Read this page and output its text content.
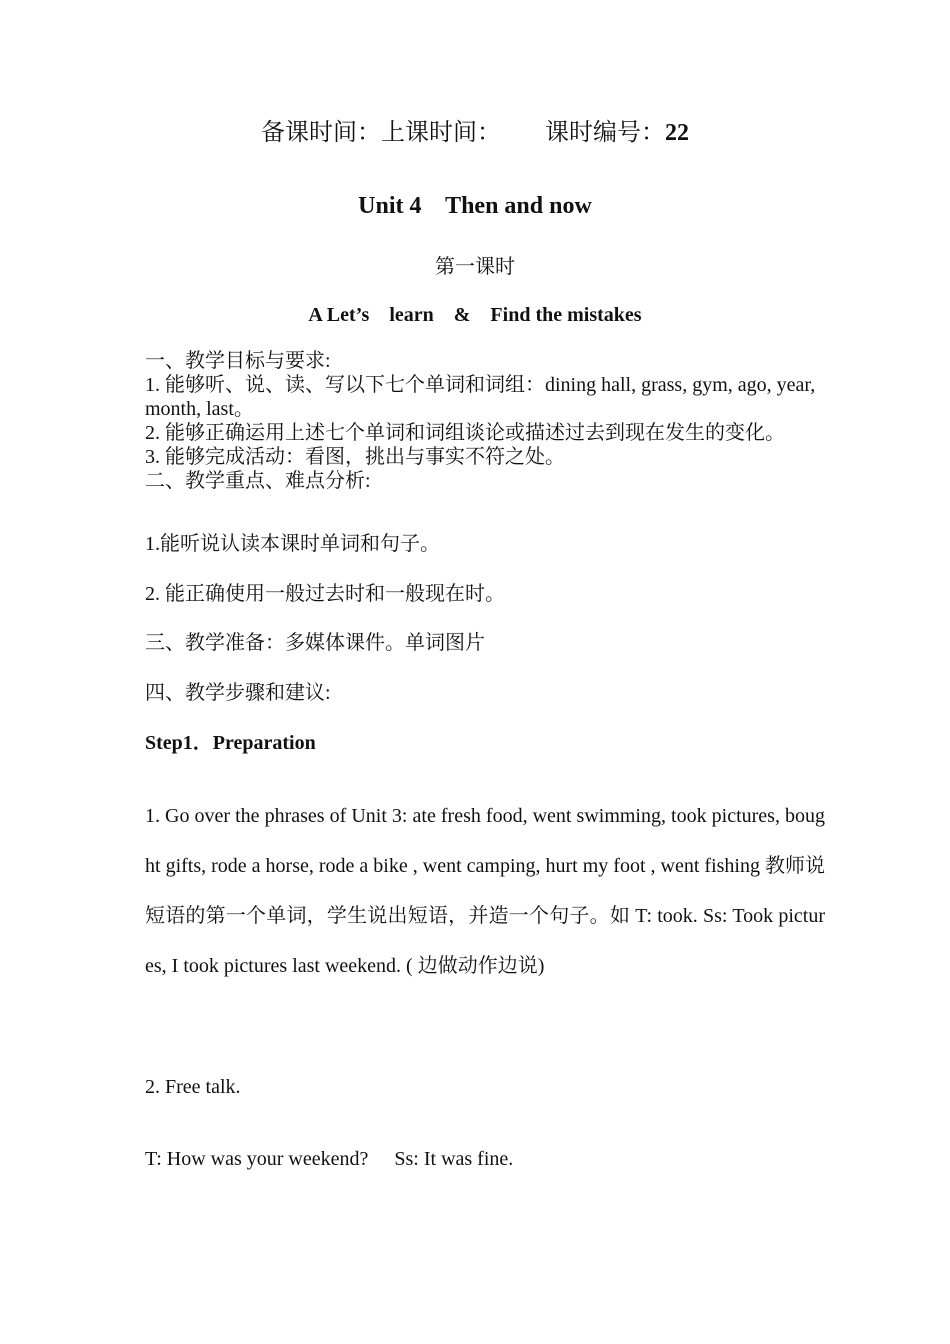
备课时间：上课时间： 课时编号：22
Unit 4    Then and now
第一课时
A Let’s    learn    &    Find the mistakes
一、教学目标与要求:
1. 能够听、说、读、写以下七个单词和词组：dining hall, grass, gym, ago, year, month, last。
2. 能够正确运用上述七个单词和词组谈论或描述过去到现在发生的变化。
3. 能够完成活动：看图，挑出与事实不符之处。
二、教学重点、难点分析:
1.能听说认读本课时单词和句子。
2. 能正确使用一般过去时和一般现在时。
三、教学准备：多媒体课件。单词图片
四、教学步骤和建议:
Step1．Preparation
1. Go over the phrases of Unit 3: ate fresh food, went swimming, took pictures, bought gifts, rode a horse, rode a bike , went camping, hurt my foot , went fishing 教师说短语的第一个单词，学生说出短语，并造一个句子。如 T: took. Ss: Took pictures, I took pictures last weekend. ( 边做动作边说)
2. Free talk.
T: How was your weekend? Ss: It was fine.
